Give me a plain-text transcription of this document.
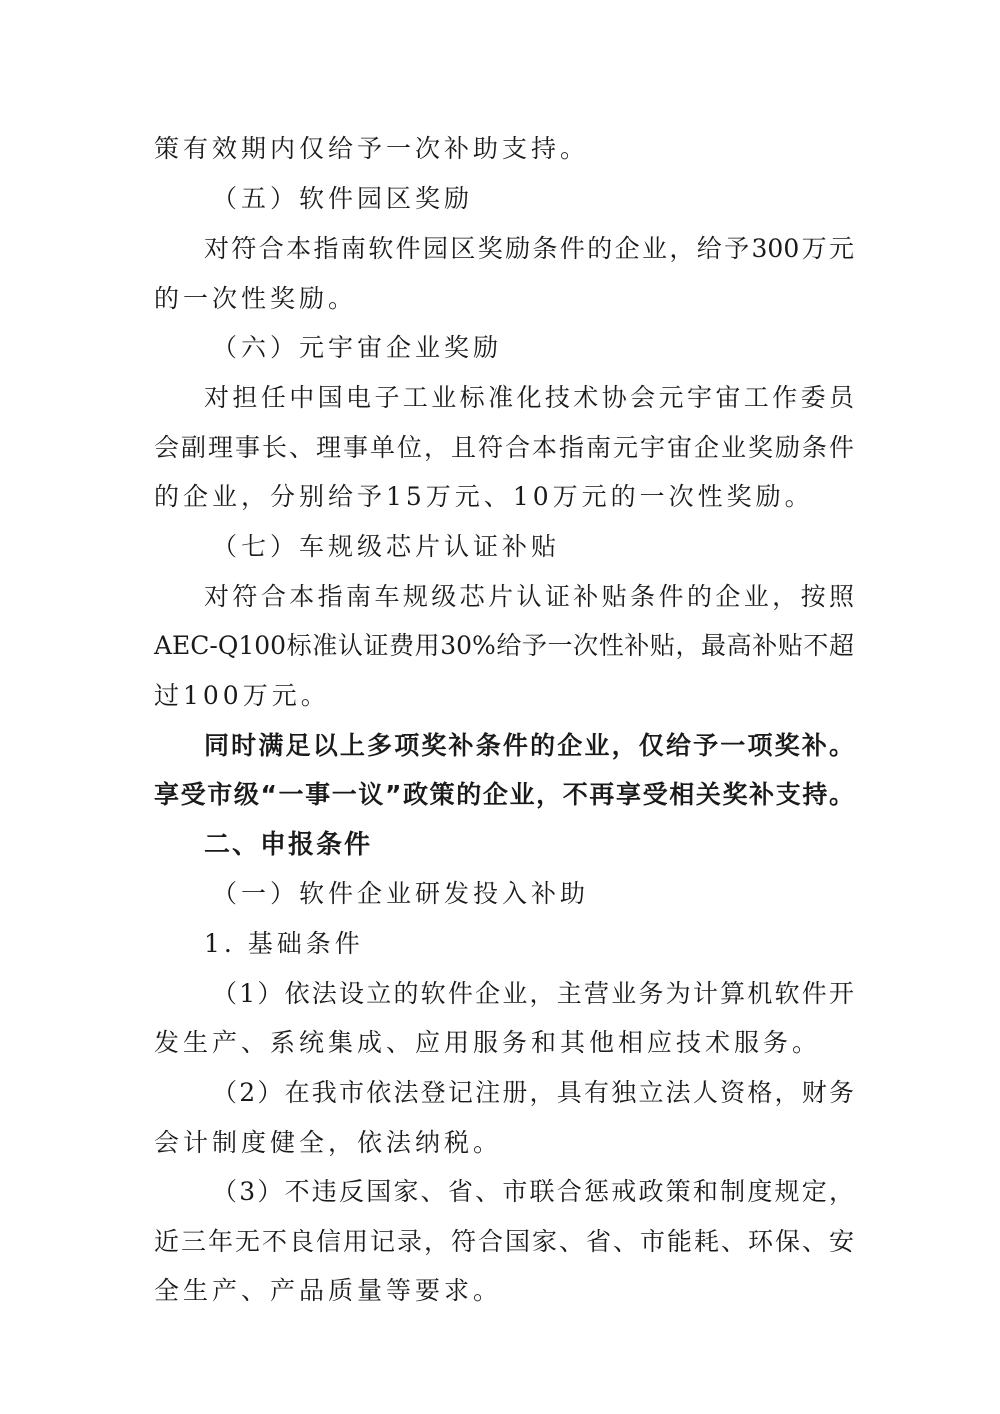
策有效期内仅给予一次补助支持。
（五）软件园区奖励
对符合本指南软件园区奖励条件的企业，给予300万元
的一次性奖励。
（六）元宇宙企业奖励
对担任中国电子工业标准化技术协会元宇宙工作委员
会副理事长、理事单位，且符合本指南元宇宙企业奖励条件
的企业，分别给予15万元、10万元的一次性奖励。
（七）车规级芯片认证补贴
对符合本指南车规级芯片认证补贴条件的企业，按照
AEC-Q100标准认证费用30%给予一次性补贴，最高补贴不超
过100万元。
同时满足以上多项奖补条件的企业，仅给予一项奖补。
享受市级“一事一议”政策的企业，不再享受相关奖补支持。
二、申报条件
（一）软件企业研发投入补助
1. 基础条件
（1）依法设立的软件企业，主营业务为计算机软件开
发生产、系统集成、应用服务和其他相应技术服务。
（2）在我市依法登记注册，具有独立法人资格，财务
会计制度健全，依法纳税。
（3）不违反国家、省、市联合惩戒政策和制度规定，
近三年无不良信用记录，符合国家、省、市能耗、环保、安
全生产、产品质量等要求。
